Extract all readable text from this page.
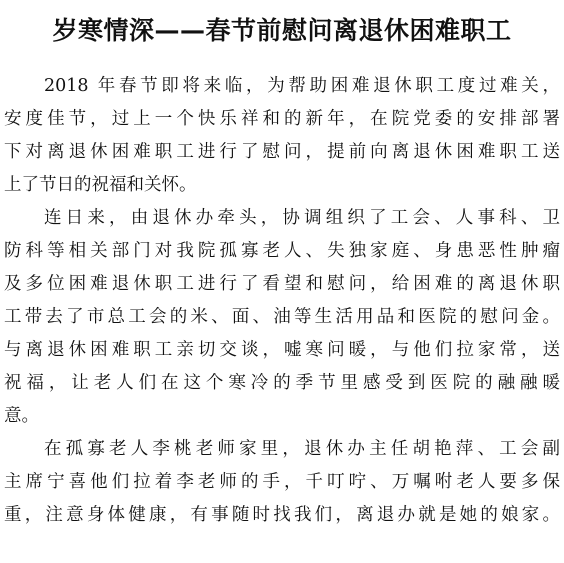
岁寒情深——春节前慰问离退休困难职工
2018 年春节即将来临，为帮助困难退休职工度过难关，
安度佳节，过上一个快乐祥和的新年，在院党委的安排部署
下对离退休困难职工进行了慰问，提前向离退休困难职工送
上了节日的祝福和关怀。
连日来，由退休办牵头，协调组织了工会、人事科、卫
防科等相关部门对我院孤寡老人、失独家庭、身患恶性肿瘤
及多位困难退休职工进行了看望和慰问，给困难的离退休职
工带去了市总工会的米、面、油等生活用品和医院的慰问金。
与离退休困难职工亲切交谈，嘘寒问暖，与他们拉家常，送
祝福，让老人们在这个寒冷的季节里感受到医院的融融暖
意。
在孤寡老人李桃老师家里，退休办主任胡艳萍、工会副
主席宁喜他们拉着李老师的手，千叮咛、万嘱咐老人要多保
重，注意身体健康，有事随时找我们，离退办就是她的娘家。
